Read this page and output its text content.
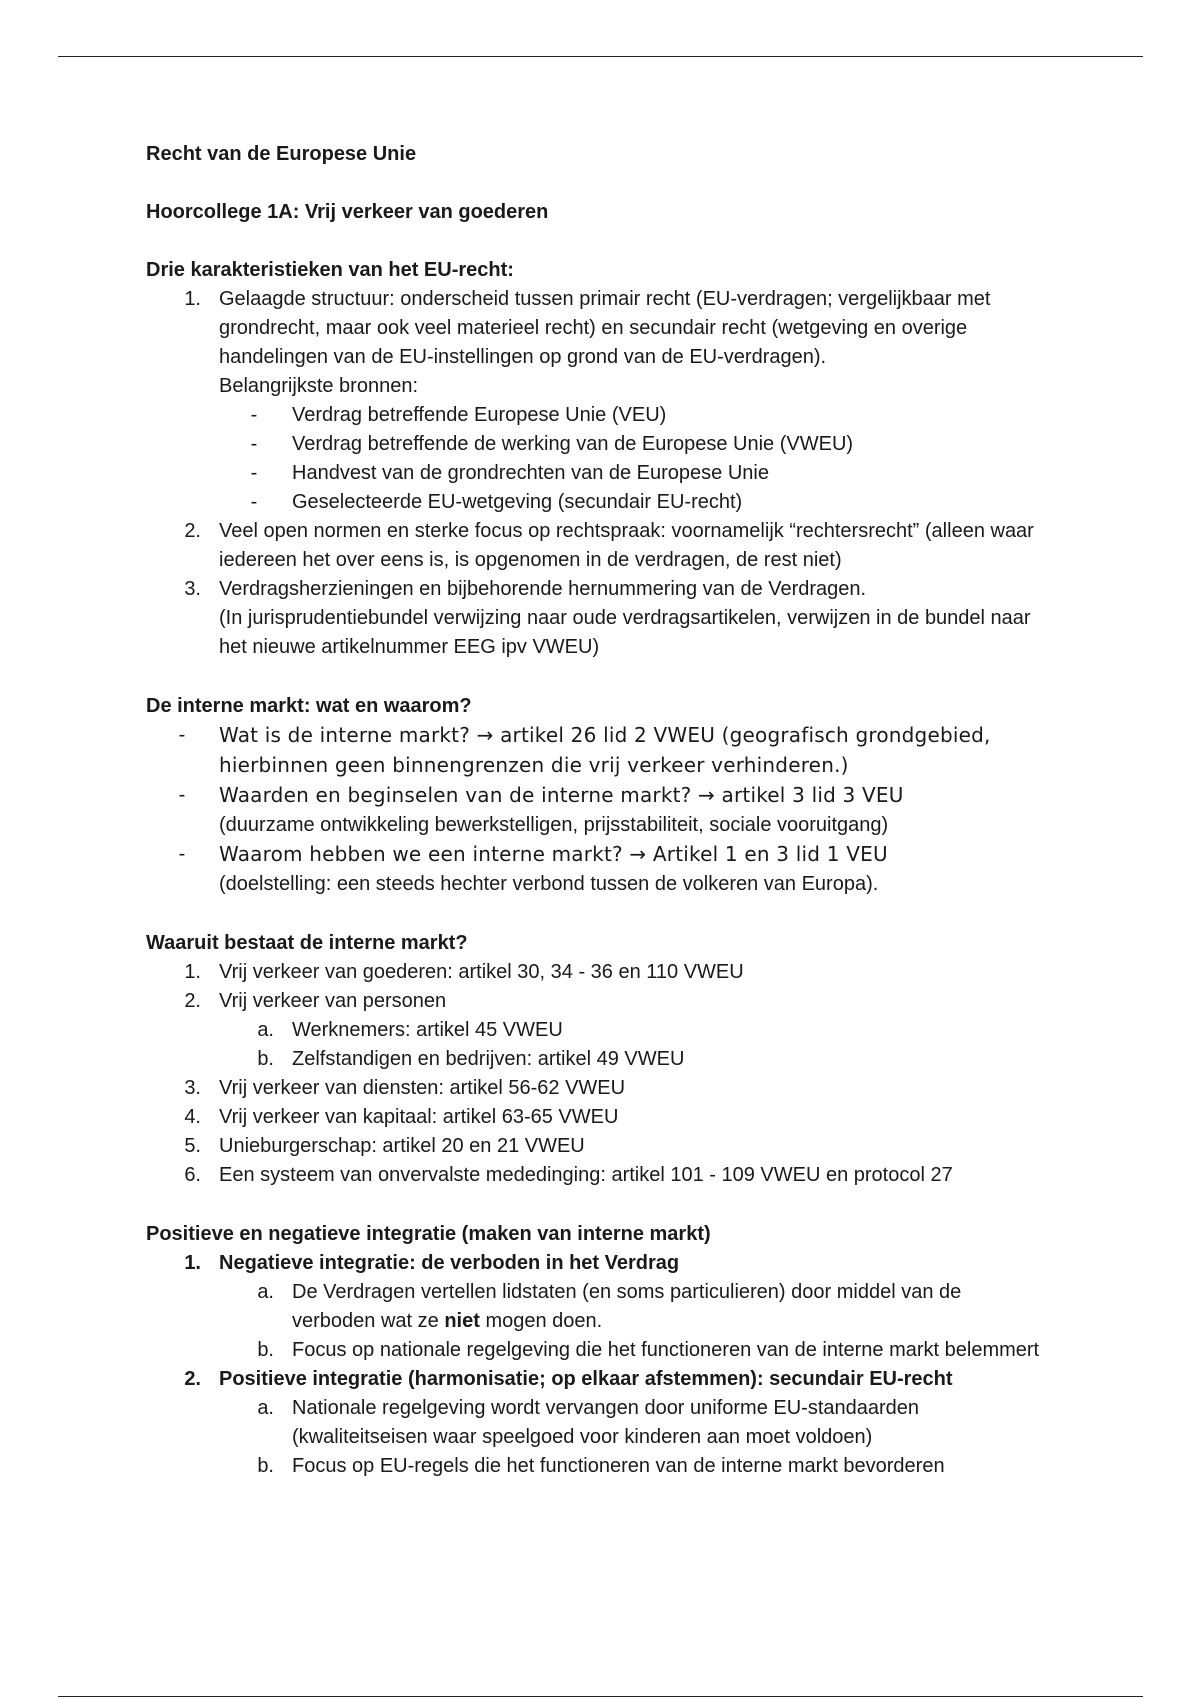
Recht van de Europese Unie

Hoorcollege 1A: Vrij verkeer van goederen

Drie karakteristieken van het EU-recht:

1. Gelaagde structuur: onderscheid tussen primair recht (EU-verdragen; vergelijkbaar met grondrecht, maar ook veel materieel recht) en secundair recht (wetgeving en overige handelingen van de EU-instellingen op grond van de EU-verdragen).
Belangrijkste bronnen:
-	Verdrag betreffende Europese Unie (VEU)
-	Verdrag betreffende de werking van de Europese Unie (VWEU)
-	Handvest van de grondrechten van de Europese Unie
-	Geselecteerde EU-wetgeving (secundair EU-recht)
2. Veel open normen en sterke focus op rechtspraak: voornamelijk “rechtersrecht” (alleen waar iedereen het over eens is, is opgenomen in de verdragen, de rest niet)
3. Verdragsherzieningen en bijbehorende hernummering van de Verdragen.
(In jurisprudentiebundel verwijzing naar oude verdragsartikelen, verwijzen in de bundel naar het nieuwe artikelnummer EEG ipv VWEU)

De interne markt: wat en waarom?

-	Wat is de interne markt? → artikel 26 lid 2 VWEU (geografisch grondgebied, hierbinnen geen binnengrenzen die vrij verkeer verhinderen.)
-	Waarden en beginselen van de interne markt? → artikel 3 lid 3 VEU
(duurzame ontwikkeling bewerkstelligen, prijsstabiliteit, sociale vooruitgang)
-	Waarom hebben we een interne markt? → Artikel 1 en 3 lid 1 VEU
(doelstelling: een steeds hechter verbond tussen de volkeren van Europa).

Waaruit bestaat de interne markt?

1. Vrij verkeer van goederen: artikel 30, 34 - 36 en 110 VWEU
2. Vrij verkeer van personen
a. Werknemers: artikel 45 VWEU
b. Zelfstandigen en bedrijven: artikel 49 VWEU
3. Vrij verkeer van diensten: artikel 56-62 VWEU
4. Vrij verkeer van kapitaal: artikel 63-65 VWEU
5. Unieburgerschap: artikel 20 en 21 VWEU
6. Een systeem van onvervalste mededinging: artikel 101 - 109 VWEU en protocol 27

Positieve en negatieve integratie (maken van interne markt)

1. Negatieve integratie: de verboden in het Verdrag
a. De Verdragen vertellen lidstaten (en soms particulieren) door middel van de verboden wat ze niet mogen doen.
b. Focus op nationale regelgeving die het functioneren van de interne markt belemmert
2. Positieve integratie (harmonisatie; op elkaar afstemmen): secundair EU-recht
a. Nationale regelgeving wordt vervangen door uniforme EU-standaarden (kwaliteitseisen waar speelgoed voor kinderen aan moet voldoen)
b. Focus op EU-regels die het functioneren van de interne markt bevorderen
